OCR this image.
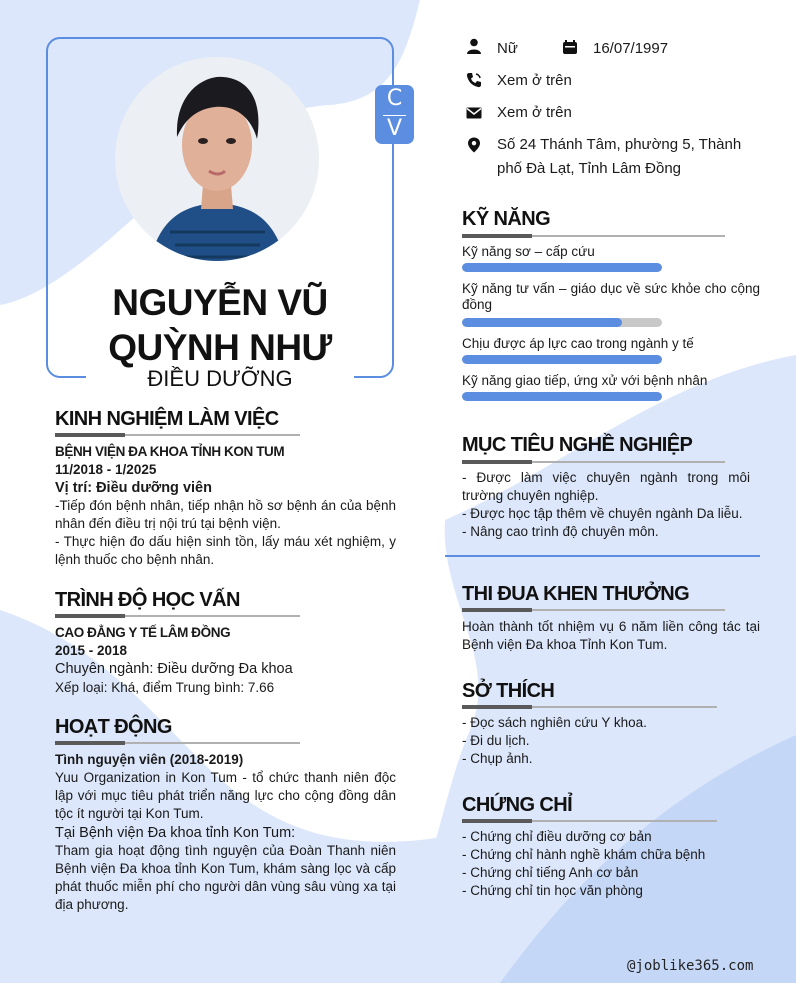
C
V
NGUYỄN VŨ QUỲNH NHƯ
ĐIỀU DƯỠNG
Nữ	16/07/1997
Xem ở trên
Xem ở trên
Số 24 Thánh Tâm, phường 5, Thành
phố Đà Lạt, Tỉnh Lâm Đồng
KỸ NĂNG
Kỹ năng sơ – cấp cứu
Kỹ năng tư vấn – giáo dục về sức khỏe cho cộng đồng
Chịu được áp lực cao trong ngành y tế
Kỹ năng giao tiếp, ứng xử với bệnh nhân
MỤC TIÊU NGHỀ NGHIỆP
- Được làm việc chuyên ngành trong môi trường chuyên nghiệp.
- Được học tập thêm về chuyên ngành Da liễu.
- Nâng cao trình độ chuyên môn.
THI ĐUA KHEN THƯỞNG
Hoàn thành tốt nhiệm vụ 6 năm liền công tác tại Bệnh viện Đa khoa Tỉnh Kon Tum.
SỞ THÍCH
- Đọc sách nghiên cứu Y khoa.
- Đi du lịch.
- Chụp ảnh.
CHỨNG CHỈ
- Chứng chỉ điều dưỡng cơ bản
- Chứng chỉ hành nghề khám chữa bệnh
- Chứng chỉ tiếng Anh cơ bản
- Chứng chỉ tin học văn phòng
KINH NGHIỆM LÀM VIỆC
BỆNH VIỆN ĐA KHOA TỈNH KON TUM
11/2018 - 1/2025
Vị trí: Điều dưỡng viên
-Tiếp đón bệnh nhân, tiếp nhận hồ sơ bệnh án của bệnh nhân đến điều trị nội trú tại bệnh viện.
- Thực hiện đo dấu hiện sinh tồn, lấy máu xét nghiệm, y lệnh thuốc cho bệnh nhân.
TRÌNH ĐỘ HỌC VẤN
CAO ĐẲNG Y TẾ LÂM ĐỒNG
2015 - 2018
Chuyên ngành: Điều dưỡng Đa khoa
Xếp loại: Khá, điểm Trung bình: 7.66
HOẠT ĐỘNG
Tình nguyện viên (2018-2019)
Yuu Organization in Kon Tum - tổ chức thanh niên độc lập với mục tiêu phát triển năng lực cho cộng đồng dân tộc ít người tại Kon Tum.
Tại Bệnh viện Đa khoa tỉnh Kon Tum:
Tham gia hoạt động tình nguyện của Đoàn Thanh niên Bệnh viện Đa khoa tỉnh Kon Tum, khám sàng lọc và cấp phát thuốc miễn phí cho người dân vùng sâu vùng xa tại địa phương.
@joblike365.com
